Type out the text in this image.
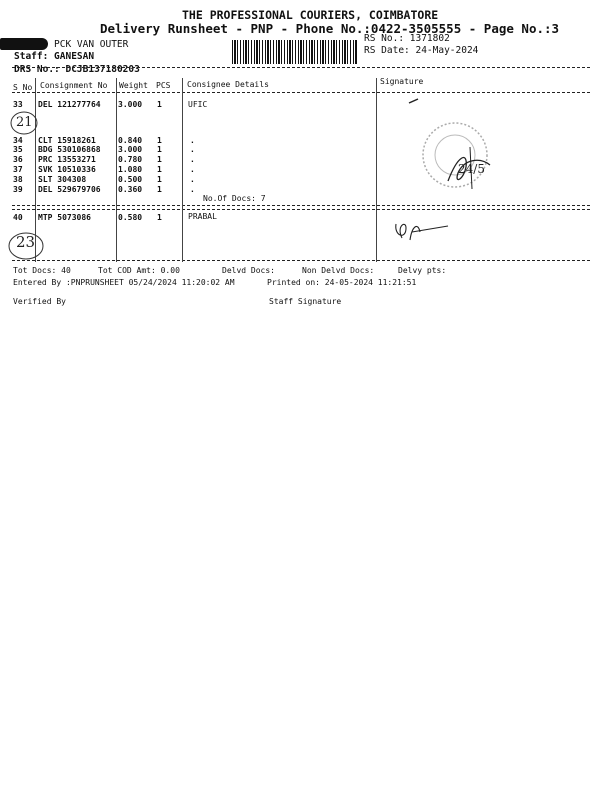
THE PROFESSIONAL COURIERS, COIMBATORE
Delivery Runsheet - PNP - Phone No.:0422-3505555 - Page No.:3
PCK VAN OUTER
Staff: GANESAN
DRS No.: DCJB137180203
RS No.: 1371802
RS Date: 24-May-2024
S No Consignment No Weight PCS Consignee Details	Signature
33 DEL 121277764 3.000 1	UFIC
34 CLT 15918261	0.840 1	.
35 BDG 530106868 3.000 1	.
36 PRC 13553271	0.780 1	.
37 SVK 10510336	1.080 1	.
38 SLT 304308	0.500 1	.
39 DEL 529679706 0.360 1	.
No.Of Docs: 7
40 MTP 5073086	0.580 1	PRABAL
21
23
24/5
Tot Docs: 40	Tot COD Amt: 0.00	Delvd Docs:	Non Delvd Docs:	Delvy pts:
Entered By :PNPRUNSHEET 05/24/2024 11:20:02 AM	Printed on: 24-05-2024 11:21:51
Verified By	Staff Signature
